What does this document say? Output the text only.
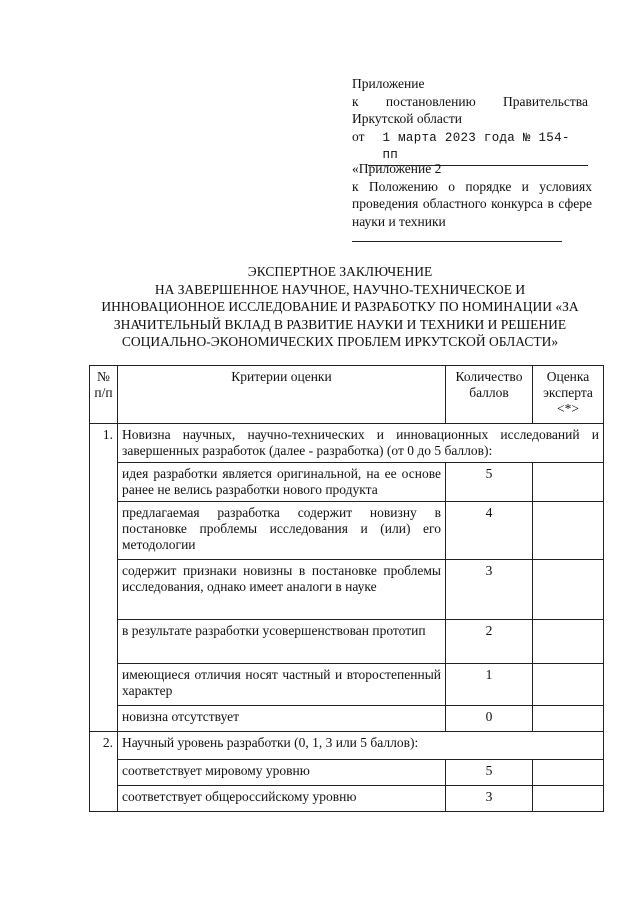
Приложение
к постановлению Правительства
Иркутской области
от	1 марта 2023 года № 154-пп
«Приложение 2
к Положению о порядке и условиях проведения областного конкурса в сфере науки и техники
ЭКСПЕРТНОЕ ЗАКЛЮЧЕНИЕ
НА ЗАВЕРШЕННОЕ НАУЧНОЕ, НАУЧНО-ТЕХНИЧЕСКОЕ И
ИННОВАЦИОННОЕ ИССЛЕДОВАНИЕ И РАЗРАБОТКУ ПО НОМИНАЦИИ «ЗА
ЗНАЧИТЕЛЬНЫЙ ВКЛАД В РАЗВИТИЕ НАУКИ И ТЕХНИКИ И РЕШЕНИЕ
СОЦИАЛЬНО-ЭКОНОМИЧЕСКИХ ПРОБЛЕМ ИРКУТСКОЙ ОБЛАСТИ»
№ п/п	Критерии оценки	Количество баллов	Оценка эксперта <*>
1.	Новизна научных, научно-технических и инновационных исследований и завершенных разработок (далее - разработка) (от 0 до 5 баллов):		
	идея разработки является оригинальной, на ее основе ранее не велись разработки нового продукта	5	
	предлагаемая разработка содержит новизну в постановке проблемы исследования и (или) его методологии	4	
	содержит признаки новизны в постановке проблемы исследования, однако имеет аналоги в науке	3	
	в результате разработки усовершенствован прототип	2	
	имеющиеся отличия носят частный и второстепенный характер	1	
	новизна отсутствует	0	
2.	Научный уровень разработки (0, 1, 3 или 5 баллов):		
	соответствует мировому уровню	5	
	соответствует общероссийскому уровню	3	
